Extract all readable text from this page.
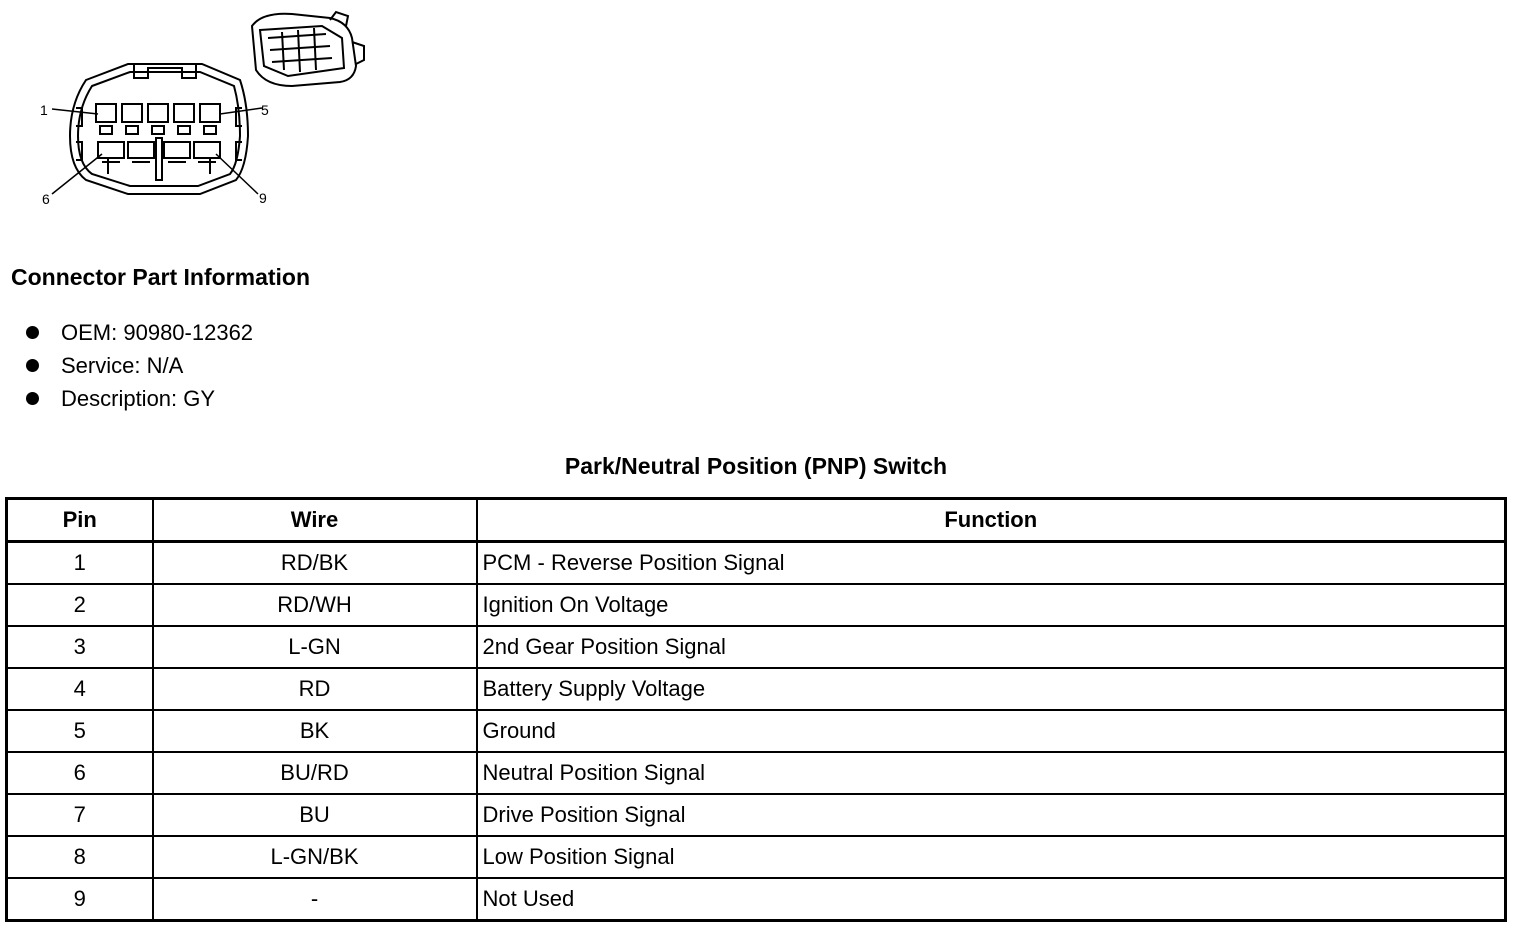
1	5
6	9
Connector Part Information
OEM: 90980-12362
Service: N/A
Description: GY
Park/Neutral Position (PNP) Switch
Pin	Wire	Function
1	RD/BK	PCM - Reverse Position Signal
2	RD/WH	Ignition On Voltage
3	L-GN	2nd Gear Position Signal
4	RD	Battery Supply Voltage
5	BK	Ground
6	BU/RD	Neutral Position Signal
7	BU	Drive Position Signal
8	L-GN/BK	Low Position Signal
9	-	Not Used
